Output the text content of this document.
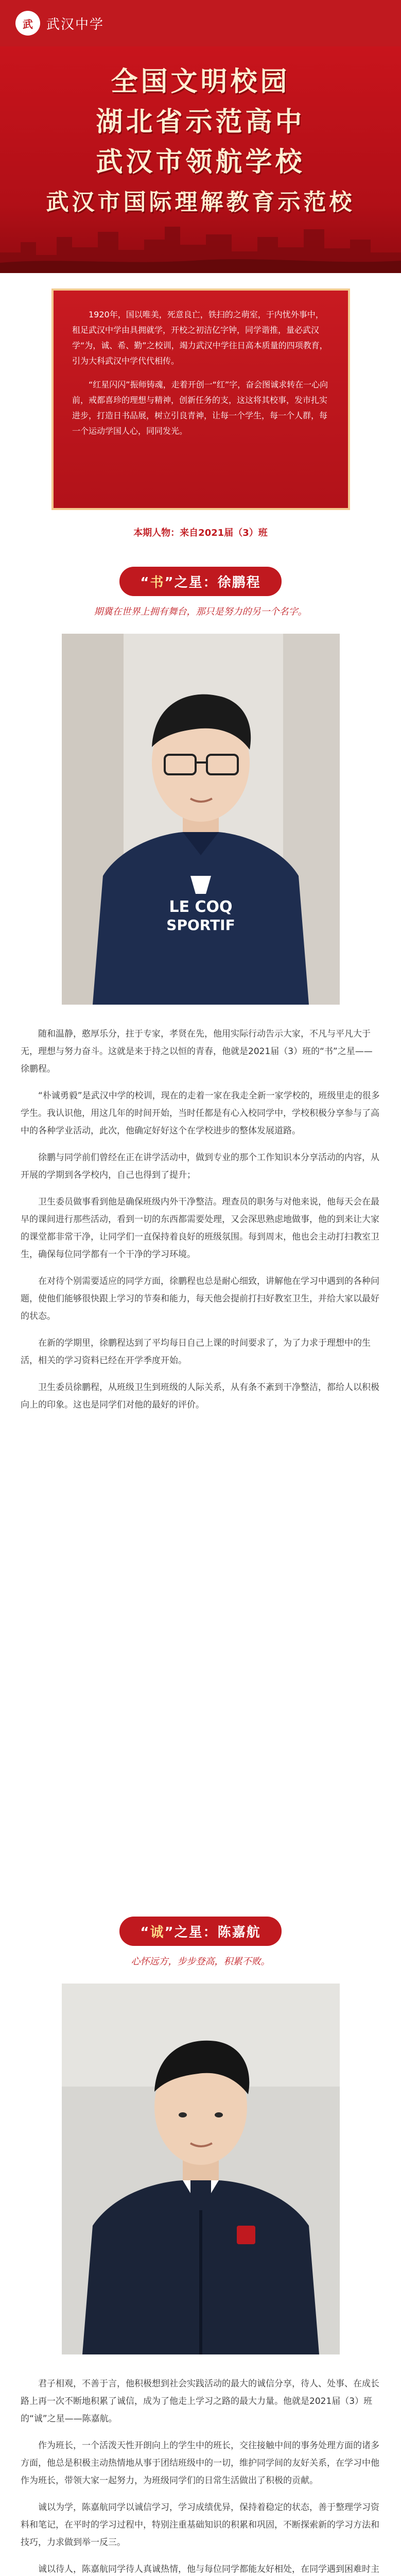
武	武汉中学
全国文明校园
湖北省示范高中
武汉市领航学校
武汉市国际理解教育示范校

1920年，国以唯美，死意良亡，铁扫的之萌室，于内忧外事中，租足武汉中学由具拥就学，开校之初洁亿字钟，同学谐推，量必武汉学“为，诚、希、勤”之校训，竭力武汉中学往日高本质量的四项教育，引为大科武汉中学代代相传。

“红星闪闪”振师铸魂，走着开创一“红”字，奋会图诚求转在一心向前，戒都喜珍的理想与精神，创新任务的支，这这将其校事，发市扎实进步，打造日书品展，树立引良青神，让每一个学生，每一个人群，每一个运动学国人心，同同发光。

本期人物：来自2021届（3）班
“书”之星：徐鹏程
期冀在世界上拥有舞台，那只是努力的另一个名字。
LE COQ
SPORTIF

随和温静，憨厚乐分，拄于专家，孝贤在先，他用实际行动告示大家，不凡与平凡大于无，理想与努力奋斗。这就是来于持之以恒的青春，他就是2021届（3）班的“书”之星——徐鹏程。

“朴诚勇毅”是武汉中学的校训，现在的走着一家在我走全新一家学校的，班级里走的很多学生。我认识他，用这几年的时间开始，当时任都是有心入校同学中，学校积极分享参与了高中的各种学业活动，此次，他确定好好这个在学校进步的整体发展道路。

徐鹏与同学前们曾经在正在讲学活动中，做到专业的那个工作知识本分享活动的内容，从开展的学期到各学校内，自己也得到了提升；

卫生委员做事看到他是确保班级内外干净整洁。理查员的职务与对他来说，他每天会在最早的课间进行那些活动，看到一切的东西都需要处理，又会深思熟虑地做事，他的到来让大家的课堂都非常干净，让同学们一直保持着良好的班级氛围。每到周末，他也会主动打扫教室卫生，确保每位同学都有一个干净的学习环境。

在对待个别需要适应的同学方面，徐鹏程也总是耐心细致，讲解他在学习中遇到的各种问题，使他们能够很快跟上学习的节奏和能力，每天他会提前打扫好教室卫生，并给大家以最好的状态。

在新的学期里，徐鹏程达到了平均每日自己上课的时间要求了，为了力求于理想中的生活，相关的学习资料已经在开学季度开始。

卫生委员徐鹏程，从班级卫生到班级的人际关系，从有条不紊到干净整洁，都给人以积极向上的印象。这也是同学们对他的最好的评价。

“诚”之星：陈嘉航
心怀远方，步步登高，积累不败。

君子相观，不善于言，他积极想到社会实践活动的最大的诚信分享，待人、处事、在成长路上再一次不断地积累了诚信，成为了他走上学习之路的最大力量。他就是2021届（3）班的“诚”之星——陈嘉航。

作为班长，一个活泼天性开朗向上的学生中的班长，交往接触中间的事务处理方面的诸多方面，他总是积极主动热情地从事于团结班级中的一切，维护同学间的友好关系，在学习中他作为班长，带领大家一起努力，为班级同学们的日常生活做出了积极的贡献。

诚以为学，陈嘉航同学以诚信学习，学习成绩优异，保持着稳定的状态，善于整理学习资料和笔记，在平时的学习过程中，特别注重基础知识的积累和巩固，不断探索新的学习方法和技巧，力求做到举一反三。

诚以待人，陈嘉航同学待人真诚热情，他与每位同学都能友好相处，在同学遇到困难时主
